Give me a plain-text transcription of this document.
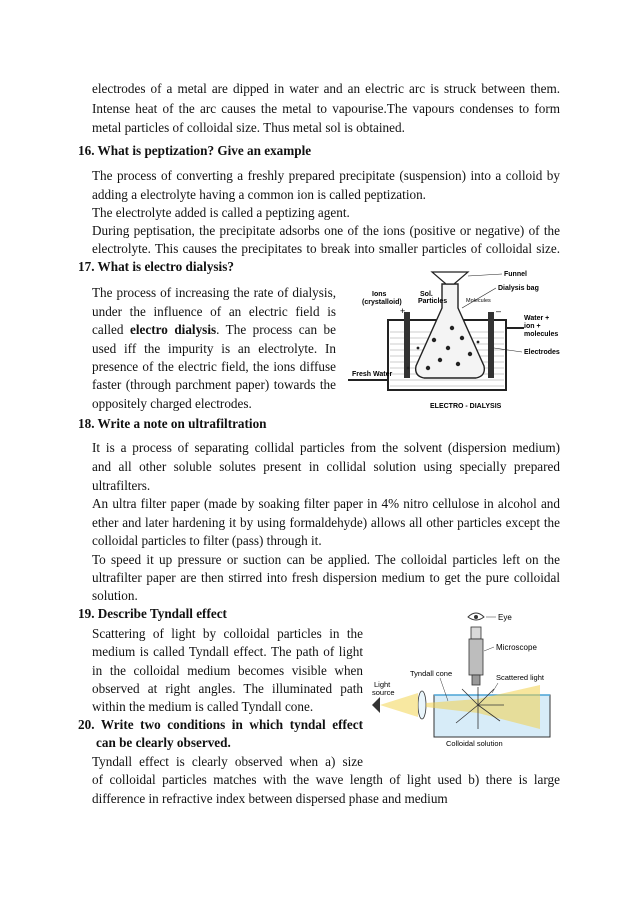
electrodes of a metal are dipped in water and an electric arc is struck between them.
Intense heat of the arc causes the metal to vapourise.The vapours condenses to form
metal particles of colloidal size. Thus metal sol is obtained.
16. What is peptization? Give an example
The process of converting a freshly prepared precipitate (suspension) into a colloid by
adding a electrolyte having a common ion is called peptization.
The electrolyte added is called a peptizing agent.
During peptisation, the precipitate adsorbs one of the ions (positive or negative) of the
electrolyte. This causes the precipitates to break into smaller particles of colloidal size.
17. What is electro dialysis?
The process of increasing the rate of dialysis,
under the influence of an electric field is
called electro dialysis. The process can be
used iff the impurity is an electrolyte. In
presence of the electric field, the ions diffuse
faster (through parchment paper) towards the
oppositely charged electrodes.
+	–
Funnel
Dialysis bag
Ions
(crystalloid)
Sol.
Particles	Molecules
Water +
ion +
molecules
Electrodes
Fresh Water
ELECTRO - DIALYSIS
18. Write a note on ultrafiltration
It is a process of separating collidal particles from the solvent (dispersion medium)
and all other soluble solutes present in collidal solution using specially prepared
ultrafilters.
An ultra filter paper (made by soaking filter paper in 4% nitro cellulose in alcohol and
ether and later hardening it by using formaldehyde) allows all other particles except the
colloidal particles to filter (pass) through it.
To speed it up pressure or suction can be applied. The colloidal particles left on the
ultrafilter paper are then stirred into fresh dispersion medium to get the pure colloidal
solution.
19. Describe Tyndall effect
Scattering of light by colloidal particles in the
medium is called Tyndall effect. The path of light
in the colloidal medium becomes visible when
observed at right angles. The illuminated path
within the medium is called Tyndall cone.
20. Write two conditions in which tyndal effect
can be clearly observed.
Tyndall effect is clearly observed when a) size
of colloidal particles matches with the wave length of light used b) there is large
difference in refractive index between dispersed phase and medium
Eye
Microscope
Light
source
Tyndall cone	Scattered light
Colloidal solution
